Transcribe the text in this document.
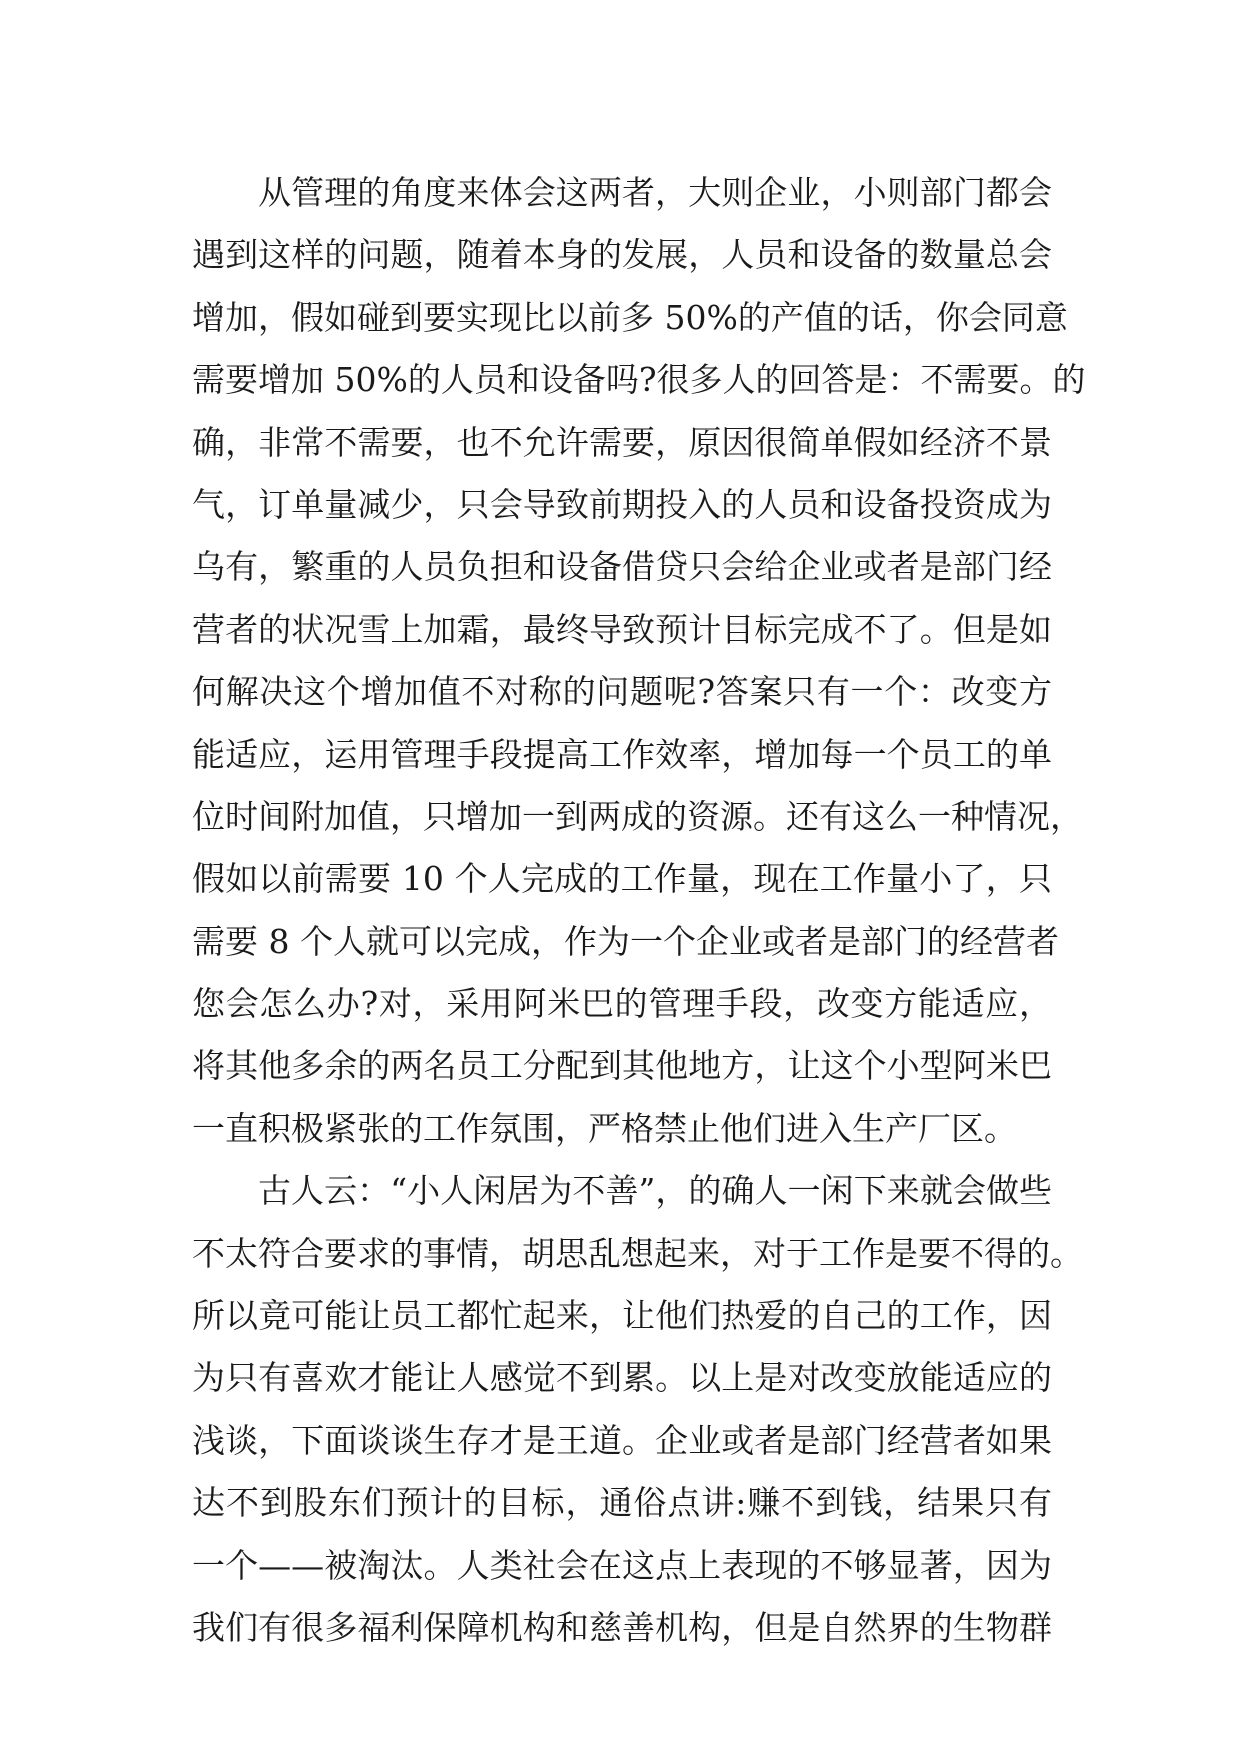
从管理的角度来体会这两者，大则企业，小则部门都会
遇到这样的问题，随着本身的发展，人员和设备的数量总会
增加，假如碰到要实现比以前多 50%的产值的话，你会同意
需要增加 50%的人员和设备吗?很多人的回答是：不需要。的
确，非常不需要，也不允许需要，原因很简单假如经济不景
气，订单量减少，只会导致前期投入的人员和设备投资成为
乌有，繁重的人员负担和设备借贷只会给企业或者是部门经
营者的状况雪上加霜，最终导致预计目标完成不了。但是如
何解决这个增加值不对称的问题呢?答案只有一个：改变方
能适应，运用管理手段提高工作效率，增加每一个员工的单
位时间附加值，只增加一到两成的资源。还有这么一种情况，
假如以前需要 10 个人完成的工作量，现在工作量小了，只
需要 8 个人就可以完成，作为一个企业或者是部门的经营者
您会怎么办?对，采用阿米巴的管理手段，改变方能适应，
将其他多余的两名员工分配到其他地方，让这个小型阿米巴
一直积极紧张的工作氛围，严格禁止他们进入生产厂区。
古人云：“小人闲居为不善”，的确人一闲下来就会做些
不太符合要求的事情，胡思乱想起来，对于工作是要不得的。
所以竟可能让员工都忙起来，让他们热爱的自己的工作，因
为只有喜欢才能让人感觉不到累。以上是对改变放能适应的
浅谈，下面谈谈生存才是王道。企业或者是部门经营者如果
达不到股东们预计的目标，通俗点讲:赚不到钱，结果只有
一个——被淘汰。人类社会在这点上表现的不够显著，因为
我们有很多福利保障机构和慈善机构，但是自然界的生物群
